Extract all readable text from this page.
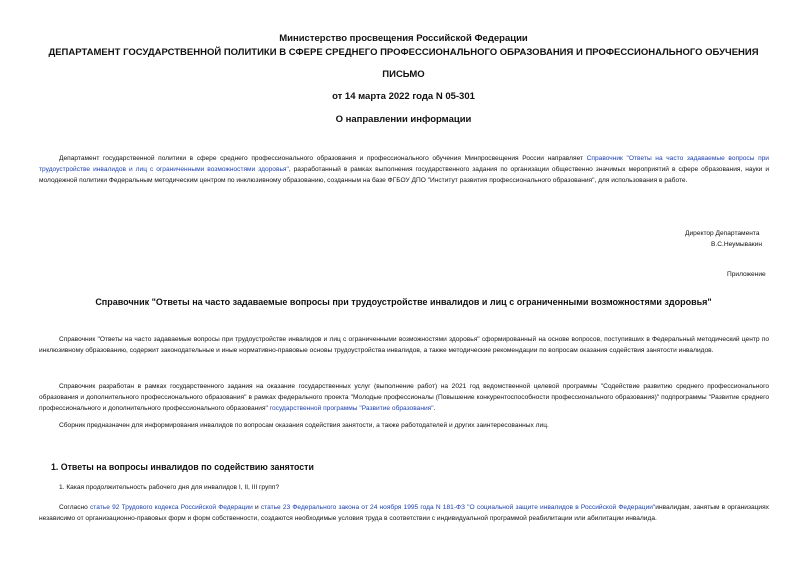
Министерство просвещения Российской Федерации
ДЕПАРТАМЕНТ ГОСУДАРСТВЕННОЙ ПОЛИТИКИ В СФЕРЕ СРЕДНЕГО ПРОФЕССИОНАЛЬНОГО ОБРАЗОВАНИЯ И ПРОФЕССИОНАЛЬНОГО ОБУЧЕНИЯ
ПИСЬМО
от 14 марта 2022 года N 05-301
О направлении информации
Департамент государственной политики в сфере среднего профессионального образования и профессионального обучения Минпросвещения России направляет Справочник "Ответы на часто задаваемые вопросы при трудоустройстве инвалидов и лиц с ограниченными возможностями здоровья", разработанный в рамках выполнения государственного задания по организации общественно значимых мероприятий в сфере образования, науки и молодежной политики Федеральным методическим центром по инклюзивному образованию, созданным на базе ФГБОУ ДПО "Институт развития профессионального образования", для использования в работе.
Директор Департамента
В.С.Неумывакин
Приложение
Справочник "Ответы на часто задаваемые вопросы при трудоустройстве инвалидов и лиц с ограниченными возможностями здоровья"
Справочник "Ответы на часто задаваемые вопросы при трудоустройстве инвалидов и лиц с ограниченными возможностями здоровья" сформированный на основе вопросов, поступивших в Федеральный методический центр по инклюзивному образованию, содержит законодательные и иные нормативно-правовые основы трудоустройства инвалидов, а также методические рекомендации по вопросам оказания содействия занятости инвалидов.
Справочник разработан в рамках государственного задания на оказание государственных услуг (выполнение работ) на 2021 год ведомственной целевой программы "Содействие развитию среднего профессионального образования и дополнительного профессионального образования" в рамках федерального проекта "Молодые профессионалы (Повышение конкурентоспособности профессионального образования)" подпрограммы "Развитие среднего профессионального и дополнительного профессионального образования" государственной программы "Развитие образования".
Сборник предназначен для информирования инвалидов по вопросам оказания содействия занятости, а также работодателей и других заинтересованных лиц.
1. Ответы на вопросы инвалидов по содействию занятости
1. Какая продолжительность рабочего дня для инвалидов I, II, III групп?
Согласно статье 92 Трудового кодекса Российской Федерации и статье 23 Федерального закона от 24 ноября 1995 года N 181-ФЗ "О социальной защите инвалидов в Российской Федерации"инвалидам, занятым в организациях независимо от организационно-правовых форм и форм собственности, создаются необходимые условия труда в соответствии с индивидуальной программой реабилитации или абилитации инвалида.
